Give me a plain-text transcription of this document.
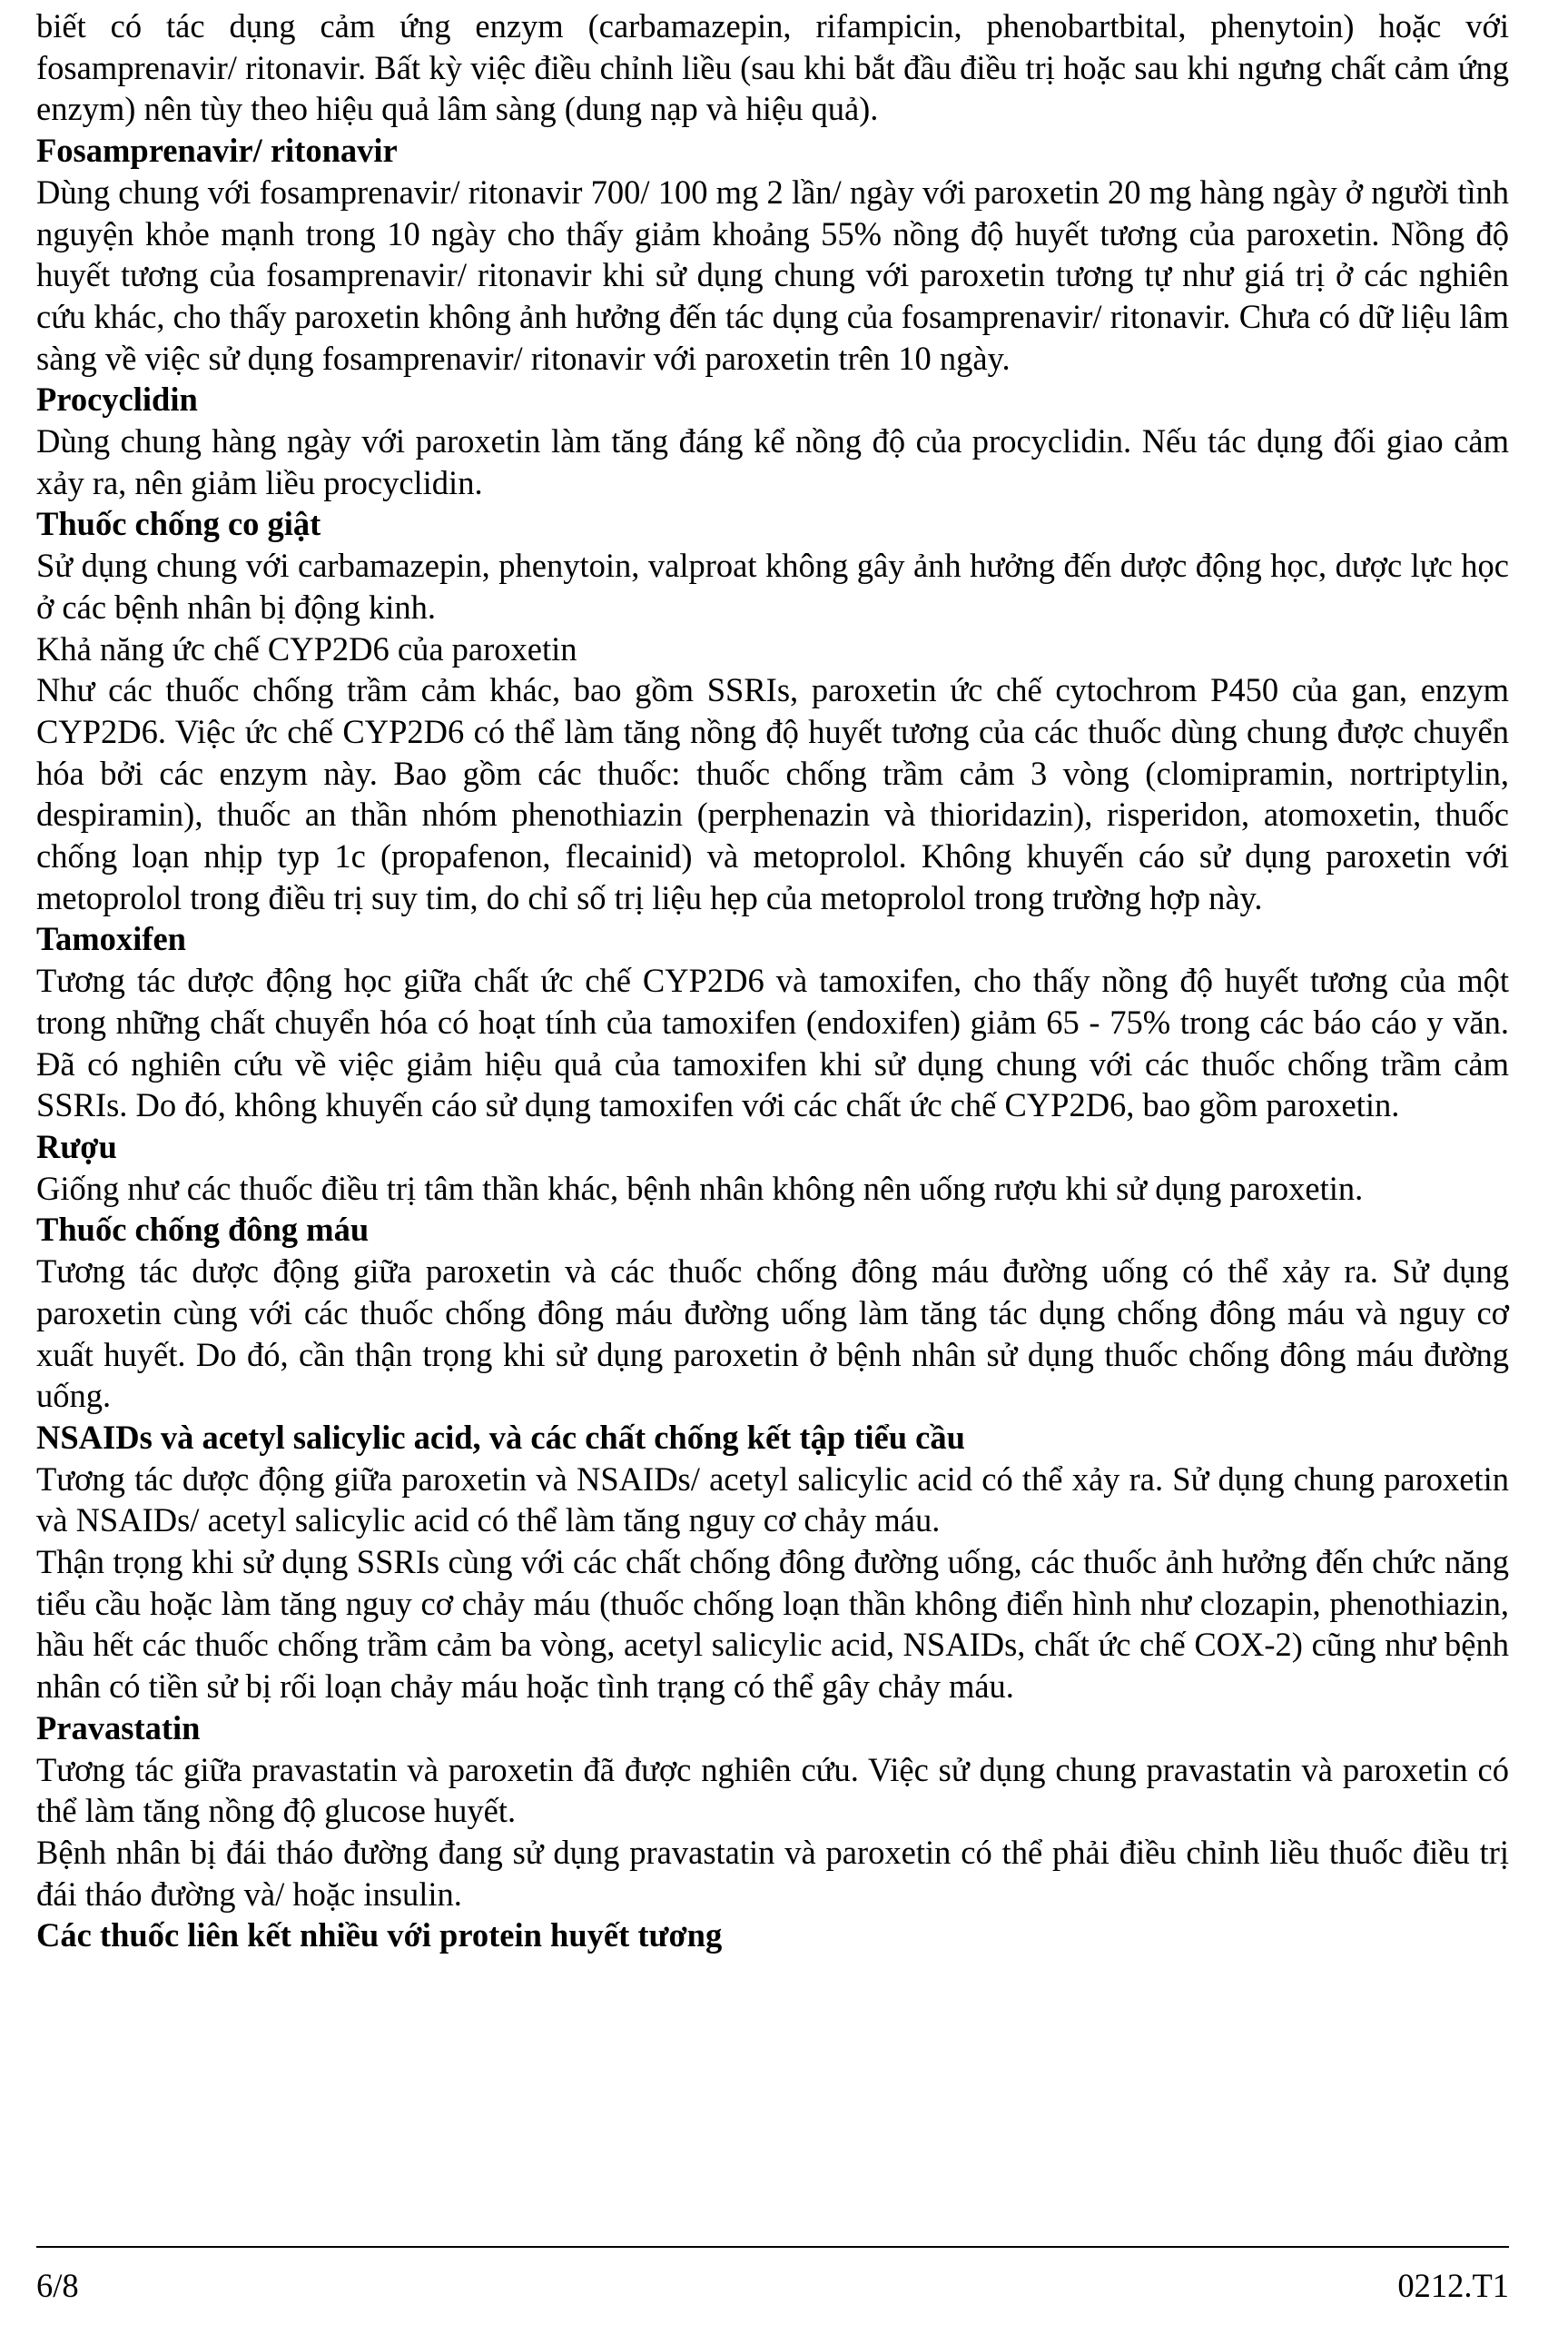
biết có tác dụng cảm ứng enzym (carbamazepin, rifampicin, phenobartbital, phenytoin) hoặc với fosamprenavir/ ritonavir. Bất kỳ việc điều chỉnh liều (sau khi bắt đầu điều trị hoặc sau khi ngưng chất cảm ứng enzym) nên tùy theo hiệu quả lâm sàng (dung nạp và hiệu quả).

Fosamprenavir/ ritonavir

Dùng chung với fosamprenavir/ ritonavir 700/ 100 mg 2 lần/ ngày với paroxetin 20 mg hàng ngày ở người tình nguyện khỏe mạnh trong 10 ngày cho thấy giảm khoảng 55% nồng độ huyết tương của paroxetin. Nồng độ huyết tương của fosamprenavir/ ritonavir khi sử dụng chung với paroxetin tương tự như giá trị ở các nghiên cứu khác, cho thấy paroxetin không ảnh hưởng đến tác dụng của fosamprenavir/ ritonavir. Chưa có dữ liệu lâm sàng về việc sử dụng fosamprenavir/ ritonavir với paroxetin trên 10 ngày.

Procyclidin

Dùng chung hàng ngày với paroxetin làm tăng đáng kể nồng độ của procyclidin. Nếu tác dụng đối giao cảm xảy ra, nên giảm liều procyclidin.

Thuốc chống co giật

Sử dụng chung với carbamazepin, phenytoin, valproat không gây ảnh hưởng đến dược động học, dược lực học ở các bệnh nhân bị động kinh.

Khả năng ức chế CYP2D6 của paroxetin

Như các thuốc chống trầm cảm khác, bao gồm SSRIs, paroxetin ức chế cytochrom P450 của gan, enzym CYP2D6. Việc ức chế CYP2D6 có thể làm tăng nồng độ huyết tương của các thuốc dùng chung được chuyển hóa bởi các enzym này. Bao gồm các thuốc: thuốc chống trầm cảm 3 vòng (clomipramin, nortriptylin, despiramin), thuốc an thần nhóm phenothiazin (perphenazin và thioridazin), risperidon, atomoxetin, thuốc chống loạn nhịp typ 1c (propafenon, flecainid) và metoprolol. Không khuyến cáo sử dụng paroxetin với metoprolol trong điều trị suy tim, do chỉ số trị liệu hẹp của metoprolol trong trường hợp này.

Tamoxifen

Tương tác dược động học giữa chất ức chế CYP2D6 và tamoxifen, cho thấy nồng độ huyết tương của một trong những chất chuyển hóa có hoạt tính của tamoxifen (endoxifen) giảm 65 - 75% trong các báo cáo y văn. Đã có nghiên cứu về việc giảm hiệu quả của tamoxifen khi sử dụng chung với các thuốc chống trầm cảm SSRIs. Do đó, không khuyến cáo sử dụng tamoxifen với các chất ức chế CYP2D6, bao gồm paroxetin.

Rượu

Giống như các thuốc điều trị tâm thần khác, bệnh nhân không nên uống rượu khi sử dụng paroxetin.

Thuốc chống đông máu

Tương tác dược động giữa paroxetin và các thuốc chống đông máu đường uống có thể xảy ra. Sử dụng paroxetin cùng với các thuốc chống đông máu đường uống làm tăng tác dụng chống đông máu và nguy cơ xuất huyết. Do đó, cần thận trọng khi sử dụng paroxetin ở bệnh nhân sử dụng thuốc chống đông máu đường uống.

NSAIDs và acetyl salicylic acid, và các chất chống kết tập tiểu cầu

Tương tác dược động giữa paroxetin và NSAIDs/ acetyl salicylic acid có thể xảy ra. Sử dụng chung paroxetin và NSAIDs/ acetyl salicylic acid có thể làm tăng nguy cơ chảy máu.

Thận trọng khi sử dụng SSRIs cùng với các chất chống đông đường uống, các thuốc ảnh hưởng đến chức năng tiểu cầu hoặc làm tăng nguy cơ chảy máu (thuốc chống loạn thần không điển hình như clozapin, phenothiazin, hầu hết các thuốc chống trầm cảm ba vòng, acetyl salicylic acid, NSAIDs, chất ức chế COX-2) cũng như bệnh nhân có tiền sử bị rối loạn chảy máu hoặc tình trạng có thể gây chảy máu.

Pravastatin

Tương tác giữa pravastatin và paroxetin đã được nghiên cứu. Việc sử dụng chung pravastatin và paroxetin có thể làm tăng nồng độ glucose huyết.

Bệnh nhân bị đái tháo đường đang sử dụng pravastatin và paroxetin có thể phải điều chỉnh liều thuốc điều trị đái tháo đường và/ hoặc insulin.

Các thuốc liên kết nhiều với protein huyết tương

6/8	0212.T1
